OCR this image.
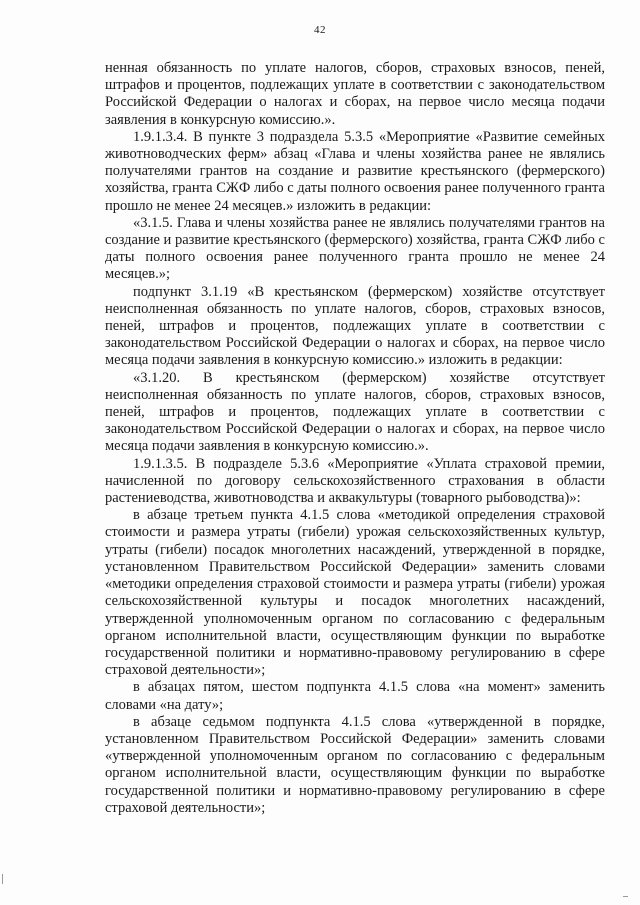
42

ненная обязанность по уплате налогов, сборов, страховых взносов, пеней, штрафов и процентов, подлежащих уплате в соответствии с законодательством Российской Федерации о налогах и сборах, на первое число месяца подачи заявления в конкурсную комиссию.».

1.9.1.3.4. В пункте 3 подраздела 5.3.5 «Мероприятие «Развитие семейных животноводческих ферм» абзац «Глава и члены хозяйства ранее не являлись получателями грантов на создание и развитие крестьянского (фермерского) хозяйства, гранта СЖФ либо с даты полного освоения ранее полученного гранта прошло не менее 24 месяцев.» изложить в редакции:

«3.1.5. Глава и члены хозяйства ранее не являлись получателями грантов на создание и развитие крестьянского (фермерского) хозяйства, гранта СЖФ либо с даты полного освоения ранее полученного гранта прошло не менее 24 месяцев.»;

подпункт 3.1.19 «В крестьянском (фермерском) хозяйстве отсутствует неисполненная обязанность по уплате налогов, сборов, страховых взносов, пеней, штрафов и процентов, подлежащих уплате в соответствии с законодательством Российской Федерации о налогах и сборах, на первое число месяца подачи заявления в конкурсную комиссию.» изложить в редакции:

«3.1.20. В крестьянском (фермерском) хозяйстве отсутствует неисполненная обязанность по уплате налогов, сборов, страховых взносов, пеней, штрафов и процентов, подлежащих уплате в соответствии с законодательством Российской Федерации о налогах и сборах, на первое число месяца подачи заявления в конкурсную комиссию.».

1.9.1.3.5. В подразделе 5.3.6 «Мероприятие «Уплата страховой премии, начисленной по договору сельскохозяйственного страхования в области растениеводства, животноводства и аквакультуры (товарного рыбоводства)»:

в абзаце третьем пункта 4.1.5 слова «методикой определения страховой стоимости и размера утраты (гибели) урожая сельскохозяйственных культур, утраты (гибели) посадок многолетних насаждений, утвержденной в порядке, установленном Правительством Российской Федерации» заменить словами «методики определения страховой стоимости и размера утраты (гибели) урожая сельскохозяйственной культуры и посадок многолетних насаждений, утвержденной уполномоченным органом по согласованию с федеральным органом исполнительной власти, осуществляющим функции по выработке государственной политики и нормативно-правовому регулированию в сфере страховой деятельности»;

в абзацах пятом, шестом подпункта 4.1.5 слова «на момент» заменить словами «на дату»;

в абзаце седьмом подпункта 4.1.5 слова «утвержденной в порядке, установленном Правительством Российской Федерации» заменить словами «утвержденной уполномоченным органом по согласованию с федеральным органом исполнительной власти, осуществляющим функции по выработке государственной политики и нормативно-правовому регулированию в сфере страховой деятельности»;
